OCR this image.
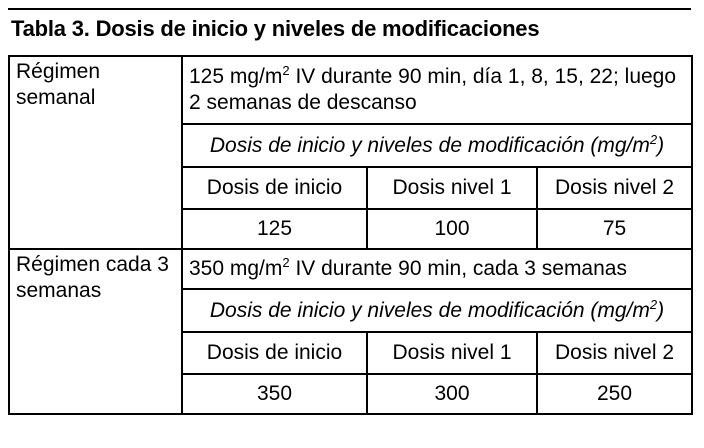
Tabla 3. Dosis de inicio y niveles de modificaciones
Régimen semanal	125 $mg/m^2$ IV durante 90 min, día 1, 8, 15, 22; luego 2 semanas de descanso		
	Dosis de inicio y niveles de modificación $(mg/m^2)$		
	Dosis de inicio	Dosis nivel 1	Dosis nivel 2
	125	100	75
Régimen cada 3 semanas	350 $mg/m^2$ IV durante 90 min, cada 3 semanas		
	Dosis de inicio y niveles de modificación $(mg/m^2)$		
	Dosis de inicio	Dosis nivel 1	Dosis nivel 2
	350	300	250
